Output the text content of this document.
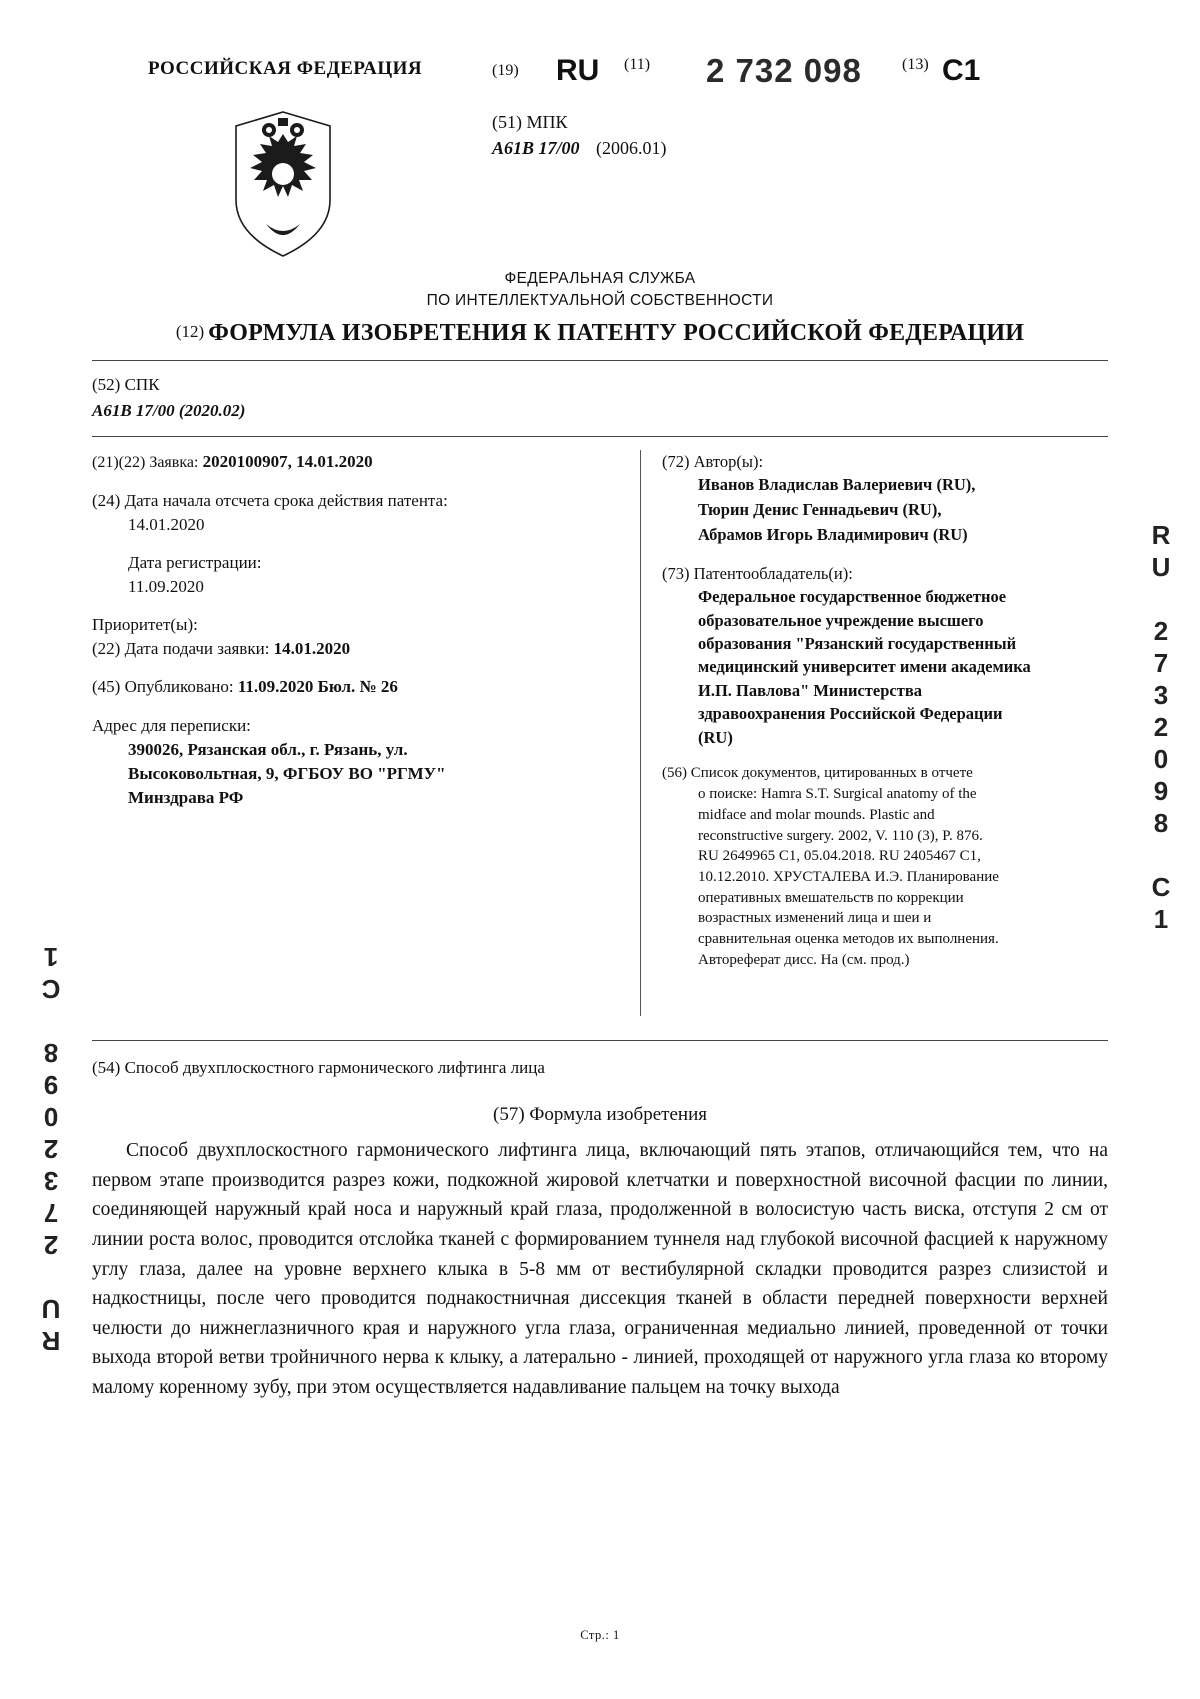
RU 2732098 C1
RU 2732098 C1
РОССИЙСКАЯ ФЕДЕРАЦИЯ	(19) RU (11) 2 732 098	(13) C1
(51) МПК
A61B 17/00 (2006.01)
ФЕДЕРАЛЬНАЯ СЛУЖБА
ПО ИНТЕЛЛЕКТУАЛЬНОЙ СОБСТВЕННОСТИ
(12) ФОРМУЛА ИЗОБРЕТЕНИЯ К ПАТЕНТУ РОССИЙСКОЙ ФЕДЕРАЦИИ
(52) СПК
A61B 17/00 (2020.02)
(21)(22) Заявка: 2020100907, 14.01.2020
(24) Дата начала отсчета срока действия патента:
14.01.2020
Дата регистрации:
11.09.2020
Приоритет(ы):
(22) Дата подачи заявки: 14.01.2020
(45) Опубликовано: 11.09.2020 Бюл. № 26
Адрес для переписки:
390026, Рязанская обл., г. Рязань, ул.
Высоковольтная, 9, ФГБОУ ВО "РГМУ"
Минздрава РФ
(72) Автор(ы):
Иванов Владислав Валериевич (RU),
Тюрин Денис Геннадьевич (RU),
Абрамов Игорь Владимирович (RU)
(73) Патентообладатель(и):
Федеральное государственное бюджетное
образовательное учреждение высшего
образования "Рязанский государственный
медицинский университет имени академика
И.П. Павлова" Министерства
здравоохранения Российской Федерации
(RU)
(56) Список документов, цитированных в отчете
о поиске: Hamra S.T. Surgical anatomy of the
midface and molar mounds. Plastic and
reconstructive surgery. 2002, V. 110 (3), P. 876.
RU 2649965 C1, 05.04.2018. RU 2405467 C1,
10.12.2010. ХРУСТАЛЕВА И.Э. Планирование
оперативных вмешательств по коррекции
возрастных изменений лица и шеи и
сравнительная оценка методов их выполнения.
Автореферат дисс. На (см. прод.)
(54) Способ двухплоскостного гармонического лифтинга лица
(57) Формула изобретения
Способ двухплоскостного гармонического лифтинга лица, включающий пять этапов, отличающийся тем, что на первом этапе производится разрез кожи, подкожной жировой клетчатки и поверхностной височной фасции по линии, соединяющей наружный край носа и наружный край глаза, продолженной в волосистую часть виска, отступя 2 см от линии роста волос, проводится отслойка тканей с формированием туннеля над глубокой височной фасцией к наружному углу глаза, далее на уровне верхнего клыка в 5-8 мм от вестибулярной складки проводится разрез слизистой и надкостницы, после чего проводится поднакостничная диссекция тканей в области передней поверхности верхней челюсти до нижнеглазничного края и наружного угла глаза, ограниченная медиально линией, проведенной от точки выхода второй ветви тройничного нерва к клыку, а латерально - линией, проходящей от наружного угла глаза ко второму малому коренному зубу, при этом осуществляется надавливание пальцем на точку выхода
Стр.: 1
